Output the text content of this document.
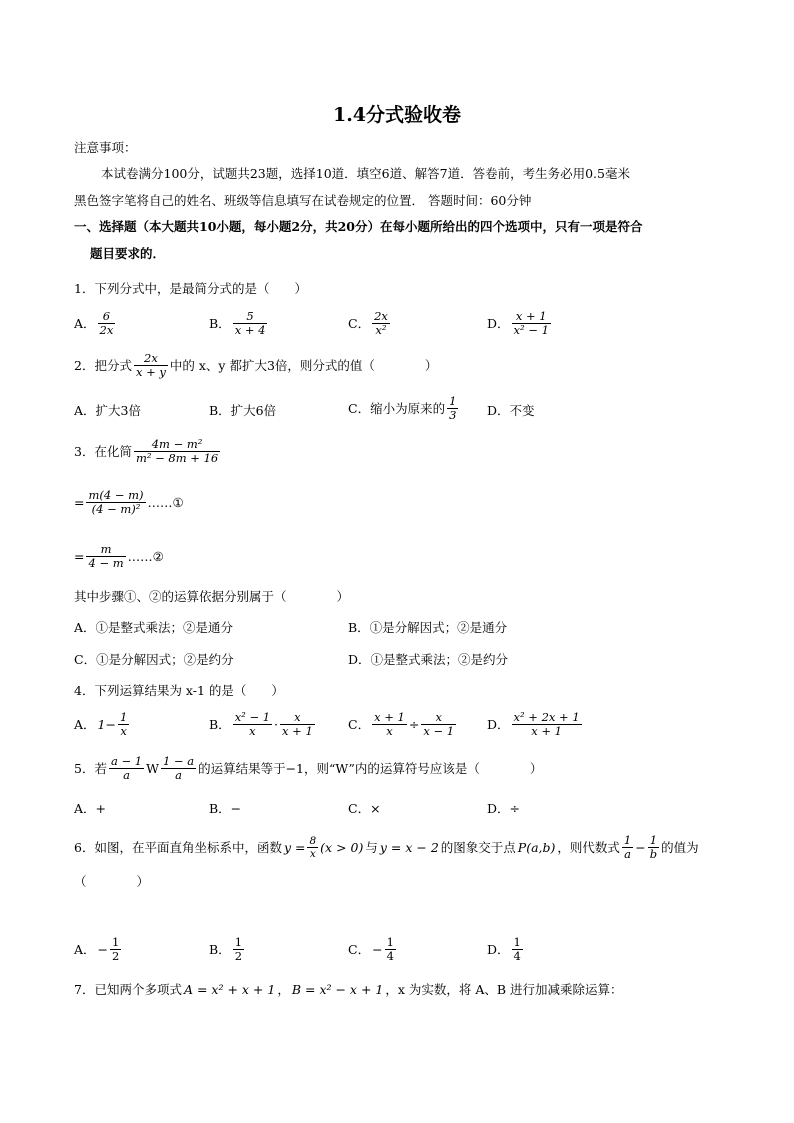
1.4分式验收卷
注意事项：
本试卷满分100分，试题共23题，选择10道．填空6道、解答7道．答卷前，考生务必用0.5毫米
黑色签字笔将自己的姓名、班级等信息填写在试卷规定的位置． 答题时间：60分钟
一、选择题（本大题共10小题，每小题2分，共20分）在每小题所给出的四个选项中，只有一项是符合
题目要求的．
1．下列分式中，是最简分式的是（　　）
A． $\frac{6}{2x}$	B． $\frac{5}{x + 4}$	C． $\frac{2x}{\text{x²}}$	D． $\frac{x + 1}{\text{x² − 1}}$
2．把分式 $\frac{2x}{x + y}$ 中的 x、y 都扩大3倍，则分式的值（　　　　）
A．扩大3倍	B．扩大6倍	C．缩小为原来的 $\frac{1}{3}$ D．不变
3．在化简 $\frac{\text{4m − m²}}{\text{m² − 8m + 16}}$
= $\frac{m(4 - m)}{\text{(4 − m)²}}$ ……①
= $\frac{m}{4 - m}$ ……②
其中步骤①、②的运算依据分别属于（　　　　）
A．①是整式乘法；②是通分	B．①是分解因式；②是通分
C．①是分解因式；②是约分	D．①是整式乘法；②是约分
4．下列运算结果为 x-1 的是（　　）
A． $1- \frac{1}{x}$	B． $\frac{\text{x² − 1}}{x} \cdot \frac{x}{x + 1}$	C． $\frac{x + 1}{x} \div \frac{x}{x - 1}$ D． $\frac{\text{x² + 2x + 1}}{x + 1}$
5．若 $\frac{a - 1}{a}$ W $\frac{1 - a}{a}$ 的运算结果等于−1，则“W”内的运算符号应该是（　　　　）
A．+	B．−	C．×	D．÷
6．如图，在平面直角坐标系中，函数 $y = \frac{8}{x} (x > 0)$ 与 y = x − 2 的图象交于点 P(a,b) ，则代数式 $\frac{1}{a} - \frac{1}{b}$ 的值为
（　　　　）
A． − $\frac{1}{2}$	B． $\frac{1}{2}$	C． − $\frac{1}{4}$	D． $\frac{1}{4}$
7．已知两个多项式 A = x² + x + 1 ， B = x² − x + 1 ，x 为实数，将 A、B 进行加减乘除运算：
